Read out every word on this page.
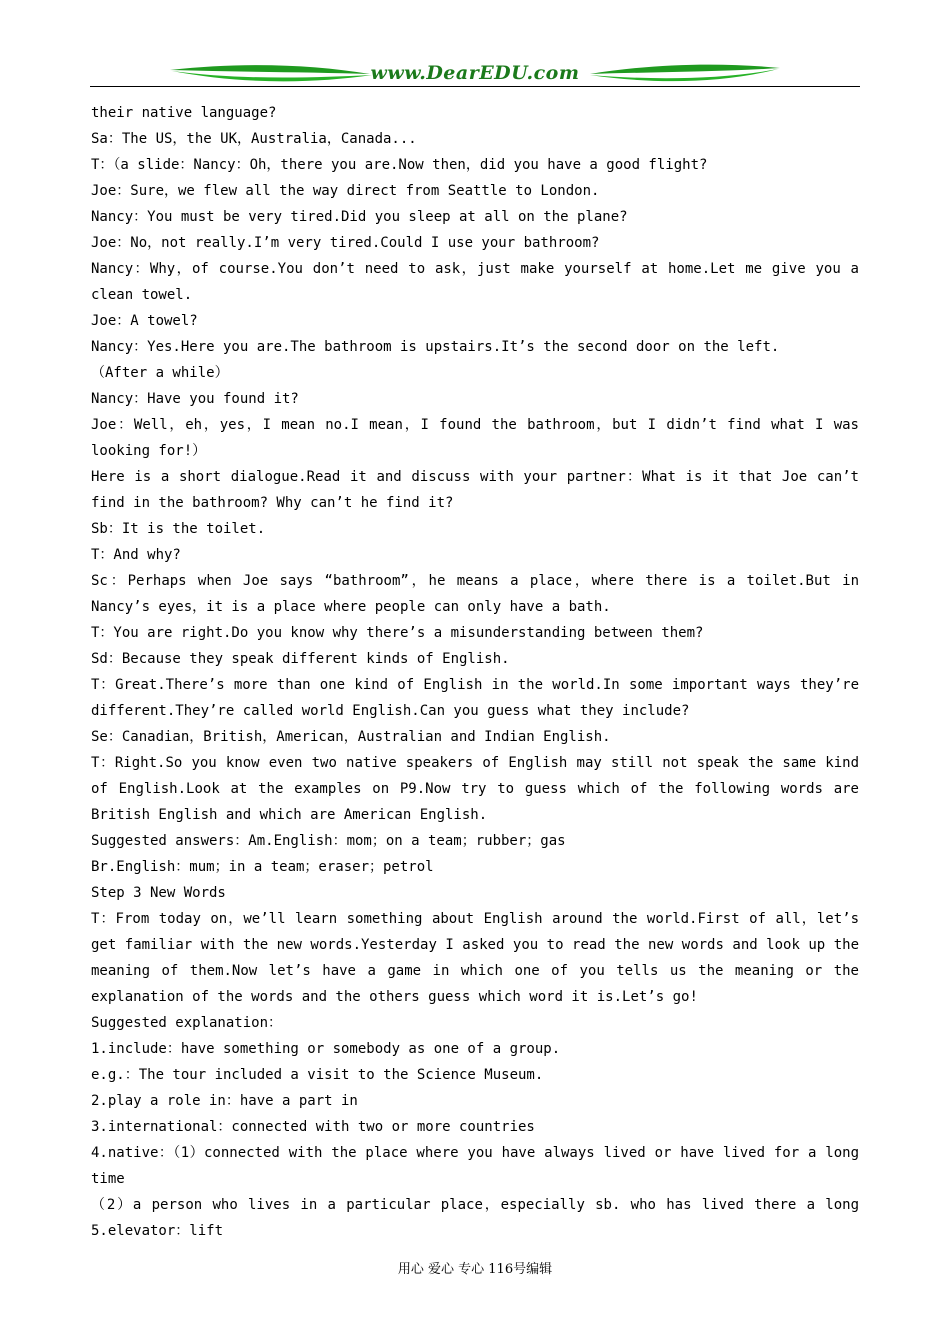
www.DearEDU.com
their native language?
Sa：The US，the UK，Australia，Canada...
T：（a slide：Nancy：Oh，there you are.Now then，did you have a good flight?
Joe：Sure，we flew all the way direct from Seattle to London.
Nancy：You must be very tired.Did you sleep at all on the plane?
Joe：No，not really.I’m very tired.Could I use your bathroom?
Nancy：Why，of course.You don’t need to ask，just make yourself at home.Let me give you a
clean towel.
Joe：A towel?
Nancy：Yes.Here you are.The bathroom is upstairs.It’s the second door on the left.
（After a while）
Nancy：Have you found it?
Joe：Well，eh，yes，I mean no.I mean，I found the bathroom，but I didn’t find what I was
looking for!）
Here is a short dialogue.Read it and discuss with your partner：What is it that Joe can’t
find in the bathroom? Why can’t he find it?
Sb：It is the toilet.
T：And why?
Sc：Perhaps when Joe says “bathroom”，he means a place，where there is a toilet.But in
Nancy’s eyes，it is a place where people can only have a bath.
T：You are right.Do you know why there’s a misunderstanding between them?
Sd：Because they speak different kinds of English.
T：Great.There’s more than one kind of English in the world.In some important ways they’re
different.They’re called world English.Can you guess what they include?
Se：Canadian，British，American，Australian and Indian English.
T：Right.So you know even two native speakers of English may still not speak the same kind
of English.Look at the examples on P9.Now try to guess which of the following words are
British English and which are American English.
Suggested answers：Am.English：mom；on a team；rubber；gas
Br.English：mum；in a team；eraser；petrol
Step 3 New Words
T：From today on，we’ll learn something about English around the world.First of all，let’s
get familiar with the new words.Yesterday I asked you to read the new words and look up the
meaning of them.Now let’s have a game in which one of you tells us the meaning or the
explanation of the words and the others guess which word it is.Let’s go!
Suggested explanation：
1.include：have something or somebody as one of a group.
e.g.：The tour included a visit to the Science Museum.
2.play a role in：have a part in
3.international：connected with two or more countries
4.native：（1）connected with the place where you have always lived or have lived for a long
time
（2）a person who lives in a particular place，especially sb. who has lived there a long
5.elevator：lift
用心 爱心 专心 116号编辑
